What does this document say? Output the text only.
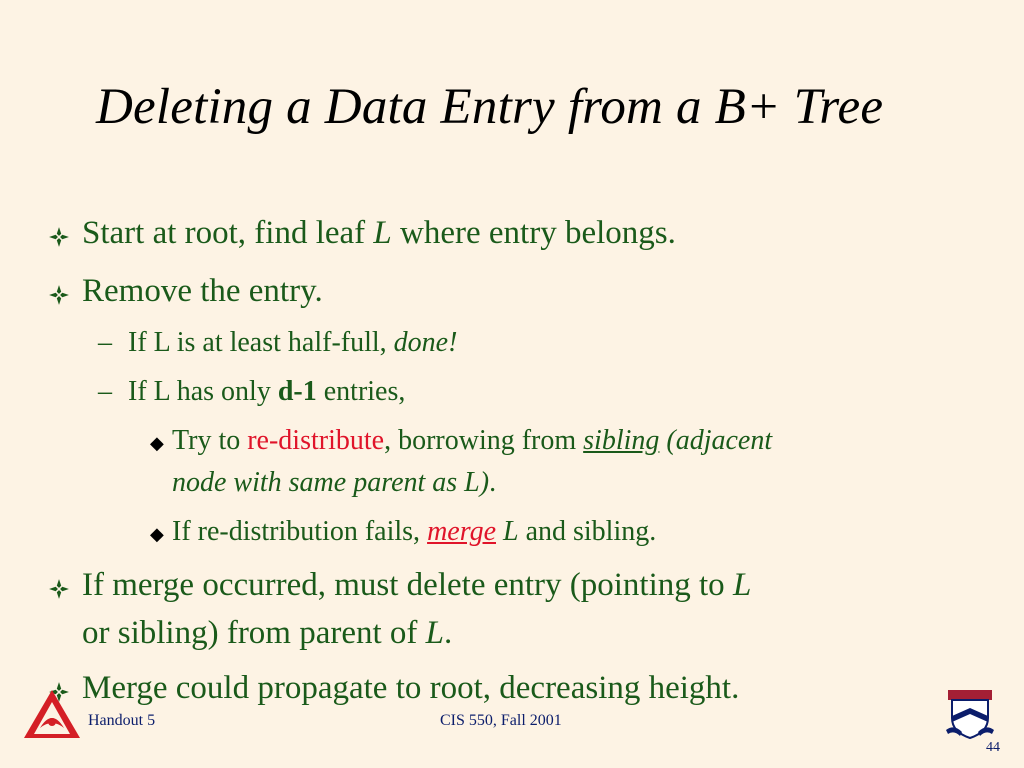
Deleting a Data Entry from a B+ Tree
Start at root, find leaf L where entry belongs.
Remove the entry.
– If L is at least half-full, done!
– If L has only d-1 entries,
◆ Try to re-distribute, borrowing from sibling (adjacent
node with same parent as L).
◆ If re-distribution fails, merge L and sibling.
If merge occurred, must delete entry (pointing to L
or sibling) from parent of L.
Merge could propagate to root, decreasing height.
Handout 5	CIS 550, Fall 2001
44
